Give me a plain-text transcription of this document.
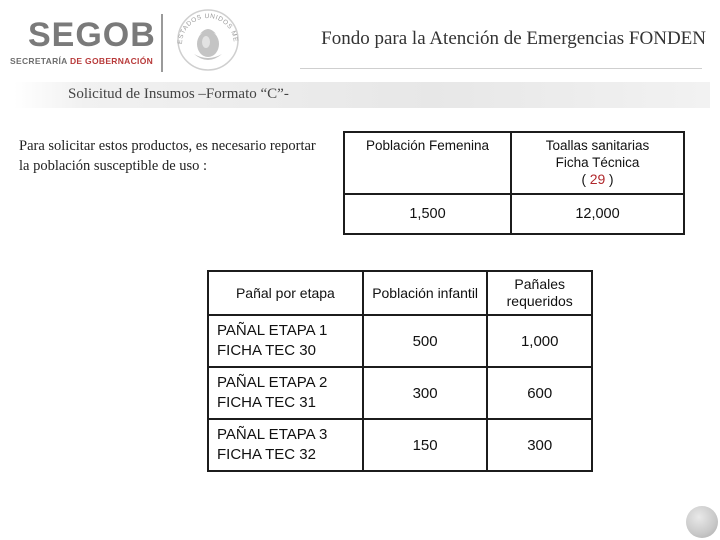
SEGOB
SECRETARÍA DE GOBERNACIÓN
ESTADOS UNIDOS ME	Fondo para la Atención de Emergencias FONDEN
Solicitud de Insumos –Formato “C”-
Para solicitar estos productos, es necesario reportar la población susceptible de uso :
Población Femenina	Toallas sanitarias
Ficha Técnica
( 29 )

1,500	12,000
Pañal por etapa	Población infantil	Pañales requeridos

PAÑAL ETAPA 1
FICHA TEC 30	500	1,000

PAÑAL ETAPA 2
FICHA TEC 31	300	600

PAÑAL ETAPA 3
FICHA TEC 32	150	300
